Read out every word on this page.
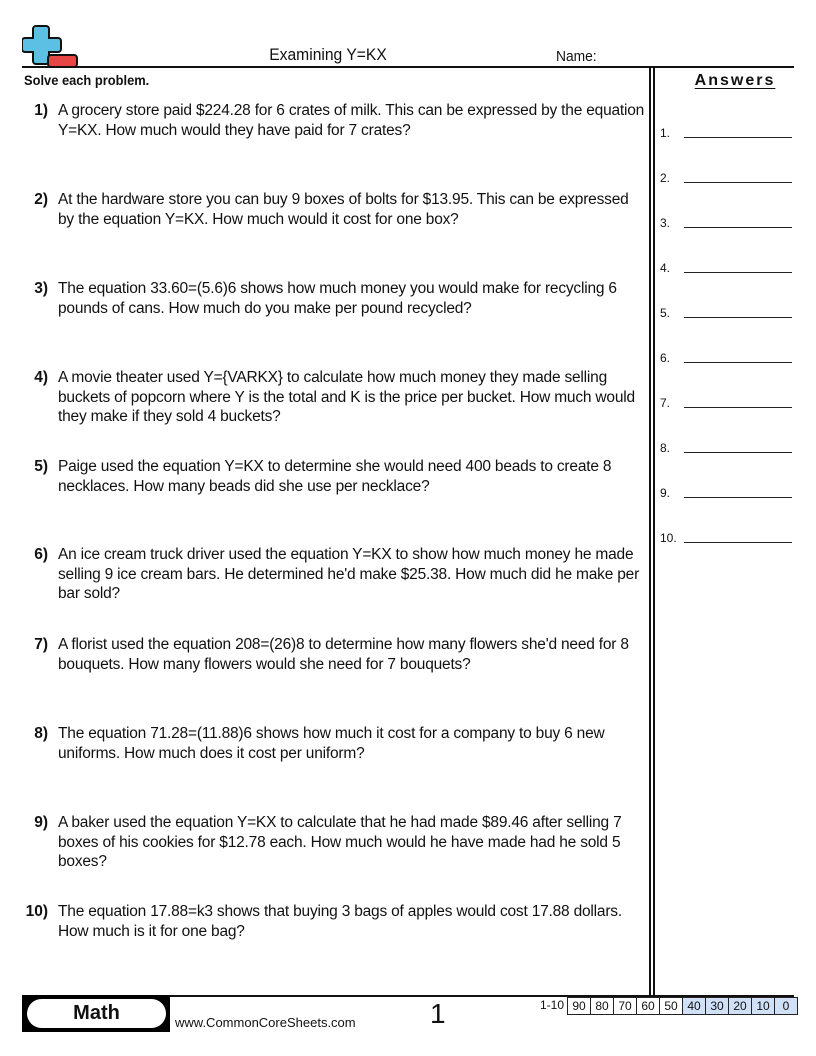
Examining Y=KX	Name:
Solve each problem.
1) A grocery store paid $224.28 for 6 crates of milk. This can be expressed by the equation Y=KX. How much would they have paid for 7 crates?
2) At the hardware store you can buy 9 boxes of bolts for $13.95. This can be expressed by the equation Y=KX. How much would it cost for one box?
3) The equation 33.60=(5.6)6 shows how much money you would make for recycling 6 pounds of cans. How much do you make per pound recycled?
4) A movie theater used Y={VARKX} to calculate how much money they made selling buckets of popcorn where Y is the total and K is the price per bucket. How much would they make if they sold 4 buckets?
5) Paige used the equation Y=KX to determine she would need 400 beads to create 8 necklaces. How many beads did she use per necklace?
6) An ice cream truck driver used the equation Y=KX to show how much money he made selling 9 ice cream bars. He determined he'd make $25.38. How much did he make per bar sold?
7) A florist used the equation 208=(26)8 to determine how many flowers she'd need for 8 bouquets. How many flowers would she need for 7 bouquets?
8) The equation 71.28=(11.88)6 shows how much it cost for a company to buy 6 new uniforms. How much does it cost per uniform?
9) A baker used the equation Y=KX to calculate that he had made $89.46 after selling 7 boxes of his cookies for $12.78 each. How much would he have made had he sold 5 boxes?
10) The equation 17.88=k3 shows that buying 3 bags of apples would cost 17.88 dollars. How much is it for one bag?
Answers
1.
2.
3.
4.
5.
6.
7.
8.
9.
10.
Math	www.CommonCoreSheets.com	1	1-10 90 80 70 60 50 40 30 20 10	0
